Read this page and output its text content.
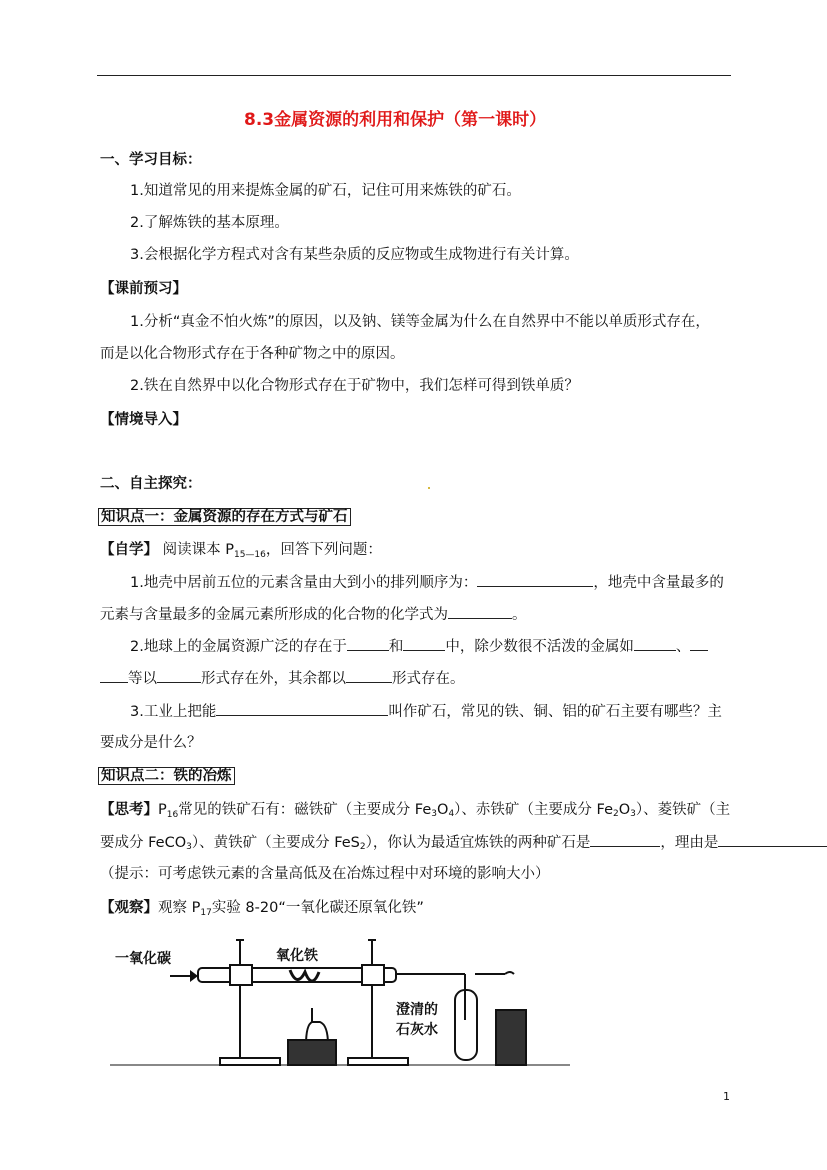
8.3金属资源的利用和保护（第一课时）
一、学习目标：
1.知道常见的用来提炼金属的矿石，记住可用来炼铁的矿石。
2.了解炼铁的基本原理。
3.会根据化学方程式对含有某些杂质的反应物或生成物进行有关计算。
【课前预习】
1.分析“真金不怕火炼”的原因，以及钠、镁等金属为什么在自然界中不能以单质形式存在，
而是以化合物形式存在于各种矿物之中的原因。
2.铁在自然界中以化合物形式存在于矿物中，我们怎样可得到铁单质？
【情境导入】
二、自主探究：
知识点一：金属资源的存在方式与矿石
【自学】 阅读课本 $P_{15—16}$，回答下列问题：
1.地壳中居前五位的元素含量由大到小的排列顺序为：	，地壳中含量最多的
元素与含量最多的金属元素所形成的化合物的化学式为	。
2.地球上的金属资源广泛的存在于	和	中，除少数很不活泼的金属如	、
等以	形式存在外，其余都以	形式存在。
3.工业上把能	叫作矿石，常见的铁、铜、铝的矿石主要有哪些？主
要成分是什么？
知识点二：铁的冶炼
【思考】$P_{16}$常见的铁矿石有：磁铁矿（主要成分 Fe3O4）、赤铁矿（主要成分 Fe2O3）、菱铁矿（主
要成分 FeCO3）、黄铁矿（主要成分 FeS2），你认为最适宜炼铁的两种矿石是	，理由是
（提示：可考虑铁元素的含量高低及在冶炼过程中对环境的影响大小）
【观察】观察 $P_{17}$实验 8-20“一氧化碳还原氧化铁”
一氧化碳	氧化铁
澄清的
石灰水
1
